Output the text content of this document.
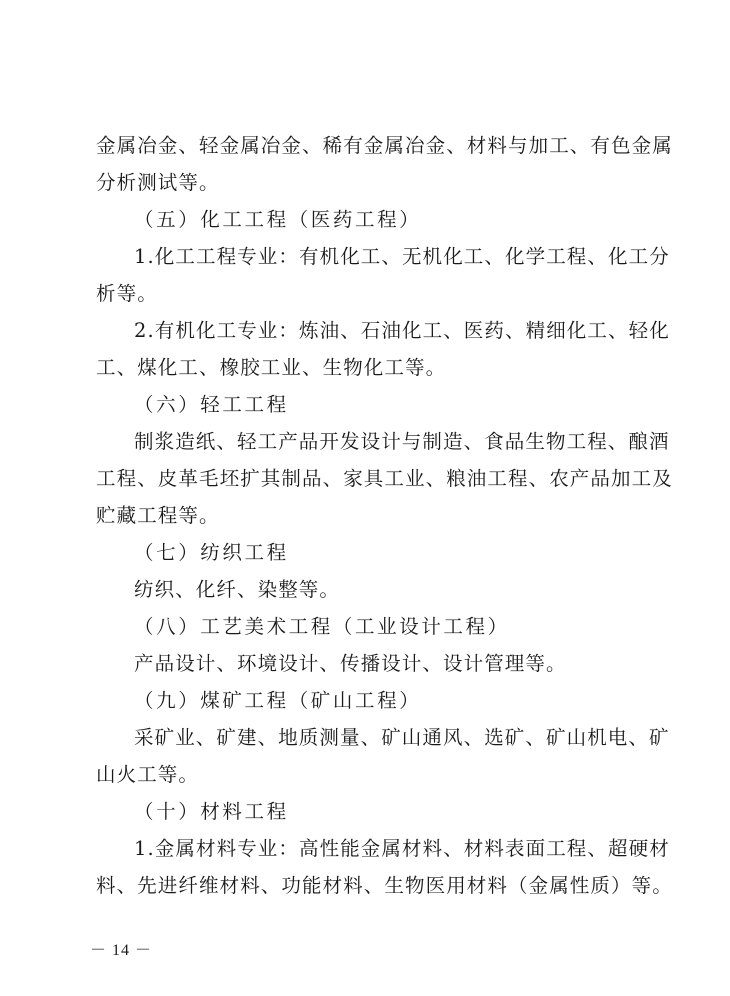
金属冶金、轻金属冶金、稀有金属冶金、材料与加工、有色金属
分析测试等。
（五）化工工程（医药工程）
1.化工工程专业：有机化工、无机化工、化学工程、化工分
析等。
2.有机化工专业：炼油、石油化工、医药、精细化工、轻化
工、煤化工、橡胶工业、生物化工等。
（六）轻工工程
制浆造纸、轻工产品开发设计与制造、食品生物工程、酿酒
工程、皮革毛坯扩其制品、家具工业、粮油工程、农产品加工及
贮藏工程等。
（七）纺织工程
纺织、化纤、染整等。
（八）工艺美术工程（工业设计工程）
产品设计、环境设计、传播设计、设计管理等。
（九）煤矿工程（矿山工程）
采矿业、矿建、地质测量、矿山通风、选矿、矿山机电、矿
山火工等。
（十）材料工程
1.金属材料专业：高性能金属材料、材料表面工程、超硬材
料、先进纤维材料、功能材料、生物医用材料（金属性质）等。
－ 14 －
